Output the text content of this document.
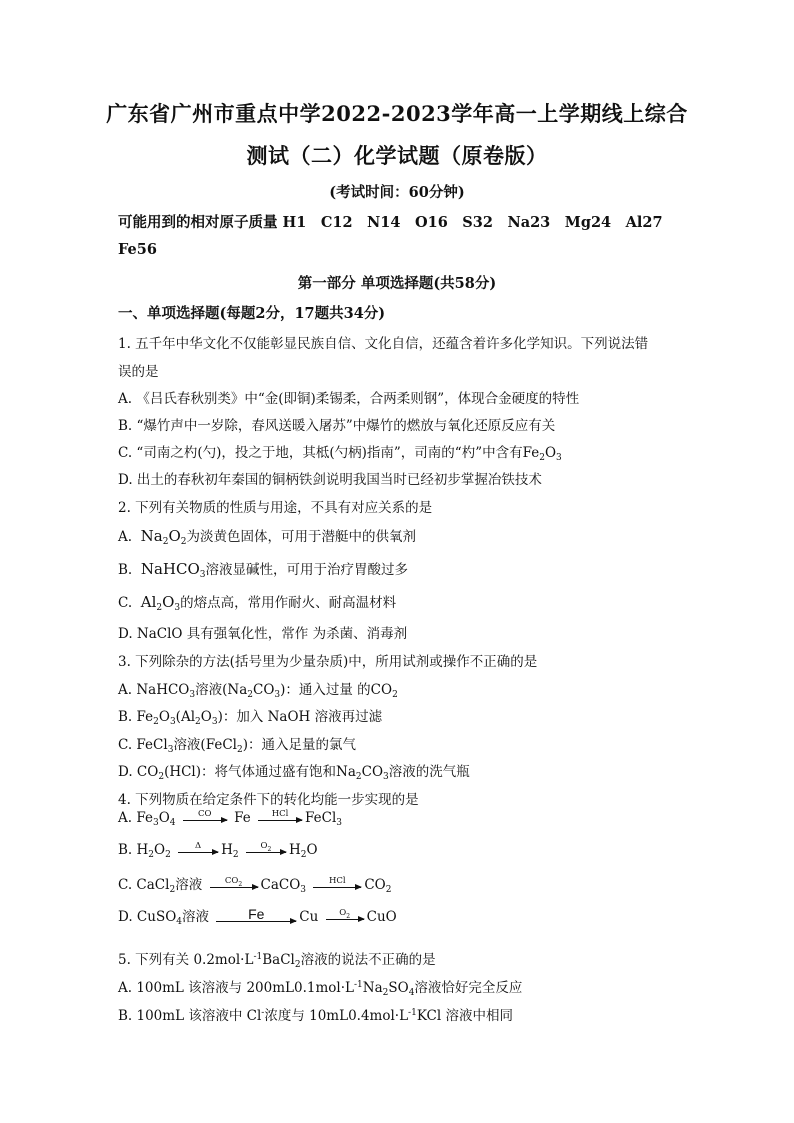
广东省广州市重点中学2022-2023学年高一上学期线上综合
测试（二）化学试题（原卷版）
(考试时间：60分钟)
可能用到的相对原子质量 H1　C12　N14　O16　S32　Na23　Mg24　Al27
Fe56
第一部分 单项选择题(共58分)
一、单项选择题(每题2分，17题共34分)
1. 五千年中华文化不仅能彰显民族自信、文化自信，还蕴含着许多化学知识。下列说法错
误的是
A. 《吕氏春秋别类》中“金(即铜)柔锡柔，合两柔则钢”，体现合金硬度的特性
B. “爆竹声中一岁除，春风送暖入屠苏”中爆竹的燃放与氧化还原反应有关
C. “司南之杓(勺)，投之于地，其柢(勺柄)指南”，司南的“杓”中含有$Fe_2O_3$
D. 出土的春秋初年秦国的铜柄铁剑说明我国当时已经初步掌握冶铁技术
2. 下列有关物质的性质与用途，不具有对应关系的是
A. $Na_2O_2$为淡黄色固体，可用于潜艇中的供氧剂
B. NaHCO$_3$溶液显碱性，可用于治疗胃酸过多
C. $Al_2O_3$的熔点高，常用作耐火、耐高温材料
D. NaClO 具有强氧化性，常作 为杀菌、消毒剂
3. 下列除杂的方法(括号里为少量杂质)中，所用试剂或操作不正确的是
A. NaHCO$_3$溶液$(Na_2CO_3)$：通入过量 的$CO_2$
B. $Fe_2O_3(Al_2O_3)$：加入 NaOH 溶液再过滤
C. FeCl$_3$溶液(FeCl$_2$)：通入足量的氯气
D. $CO_2(HCl)$：将气体通过盛有饱和$Na_2CO_3$溶液的洗气瓶
4. 下列物质在给定条件下的转化均能一步实现的是
A. $Fe_3O_4$
CO	Fe	HCl	FeCl$_3$
B. $H_2O_2$
Δ	$H_2$
$O_2$	$H_2O$
C. CaCl$_2$溶液	$CO_2$	CaCO$_3$
HCl	$CO_2$
D. CuSO$_4$溶液	Fe	Cu	$O_2$	CuO
5. 下列有关 $0.2mol\cdot L^{-1}BaCl_2$溶液的说法不正确的是
A. 100mL 该溶液与 $200mL0.1mol\cdot L^{-1}Na_2SO_4$溶液恰好完全反应
B. 100mL 该溶液中 Cl-浓度与 $10mL0.4mol\cdot L^{-1}KCl$ 溶液中相同
